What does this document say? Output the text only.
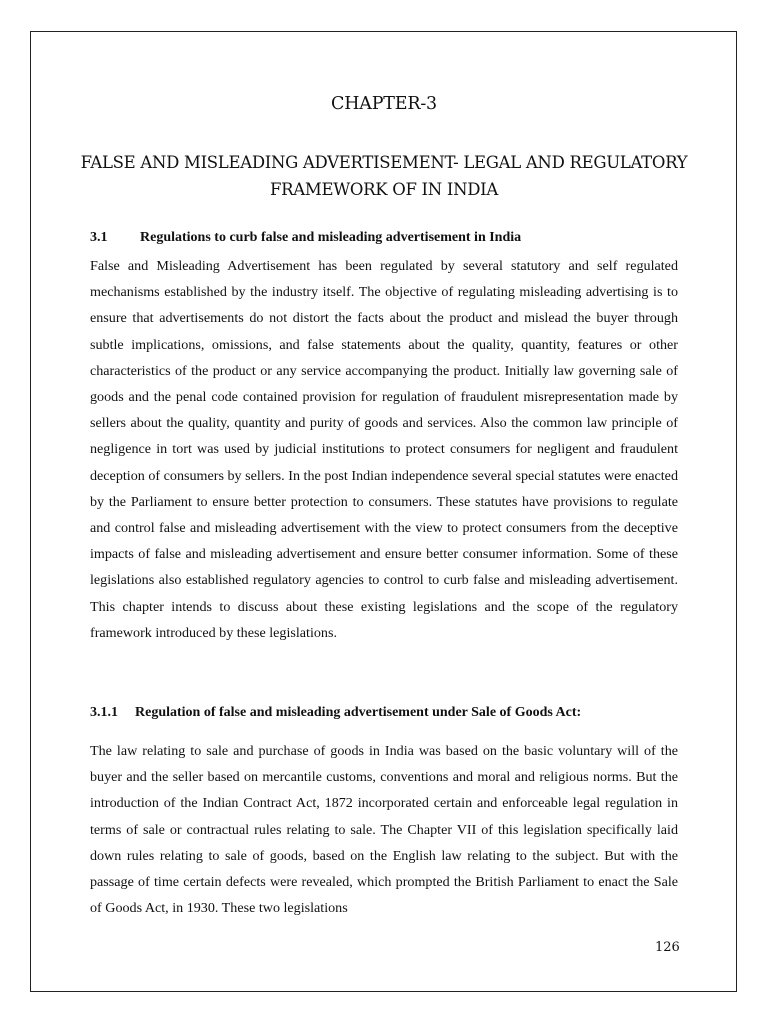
CHAPTER-3
FALSE AND MISLEADING ADVERTISEMENT- LEGAL AND REGULATORY FRAMEWORK OF IN INDIA
3.1 Regulations to curb false and misleading advertisement in India

False and Misleading Advertisement has been regulated by several statutory and self regulated mechanisms established by the industry itself. The objective of regulating misleading advertising is to ensure that advertisements do not distort the facts about the product and mislead the buyer through subtle implications, omissions, and false statements about the quality, quantity, features or other characteristics of the product or any service accompanying the product. Initially law governing sale of goods and the penal code contained provision for regulation of fraudulent misrepresentation made by sellers about the quality, quantity and purity of goods and services. Also the common law principle of negligence in tort was used by judicial institutions to protect consumers for negligent and fraudulent deception of consumers by sellers. In the post Indian independence several special statutes were enacted by the Parliament to ensure better protection to consumers. These statutes have provisions to regulate and control false and misleading advertisement with the view to protect consumers from the deceptive impacts of false and misleading advertisement and ensure better consumer information. Some of these legislations also established regulatory agencies to control to curb false and misleading advertisement. This chapter intends to discuss about these existing legislations and the scope of the regulatory framework introduced by these legislations.

3.1.1 Regulation of false and misleading advertisement under Sale of Goods Act:

The law relating to sale and purchase of goods in India was based on the basic voluntary will of the buyer and the seller based on mercantile customs, conventions and moral and religious norms. But the introduction of the Indian Contract Act, 1872 incorporated certain and enforceable legal regulation in terms of sale or contractual rules relating to sale. The Chapter VII of this legislation specifically laid down rules relating to sale of goods, based on the English law relating to the subject. But with the passage of time certain defects were revealed, which prompted the British Parliament to enact the Sale of Goods Act, in 1930. These two legislations

126
